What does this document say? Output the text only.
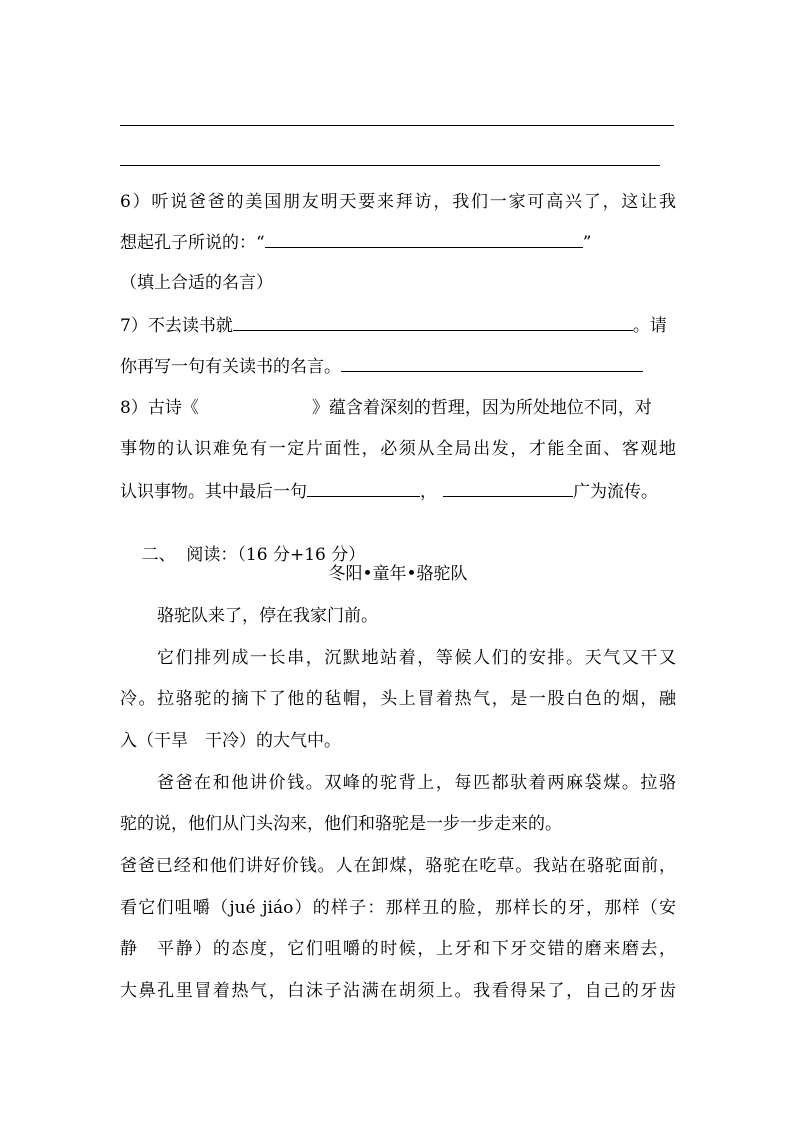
6）听说爸爸的美国朋友明天要来拜访，我们一家可高兴了，这让我
想起孔子所说的：“	”
（填上合适的名言）
7）不去读书就	。请
你再写一句有关读书的名言。
8）古诗《	》蕴含着深刻的哲理，因为所处地位不同，对
事物的认识难免有一定片面性，必须从全局出发，才能全面、客观地
认识事物。其中最后一句	，	广为流传。

二、  阅读：（16 分+16 分）

冬阳•童年•骆驼队
骆驼队来了，停在我家门前。
它们排列成一长串，沉默地站着，等候人们的安排。天气又干又
冷。拉骆驼的摘下了他的毡帽，头上冒着热气，是一股白色的烟，融
入（干旱　干冷）的大气中。
爸爸在和他讲价钱。双峰的驼背上，每匹都驮着两麻袋煤。拉骆
驼的说，他们从门头沟来，他们和骆驼是一步一步走来的。
爸爸已经和他们讲好价钱。人在卸煤，骆驼在吃草。我站在骆驼面前，
看它们咀嚼（jué jiáo）的样子：那样丑的脸，那样长的牙，那样（安
静　平静）的态度，它们咀嚼的时候，上牙和下牙交错的磨来磨去，
大鼻孔里冒着热气，白沫子沾满在胡须上。我看得呆了，自己的牙齿
